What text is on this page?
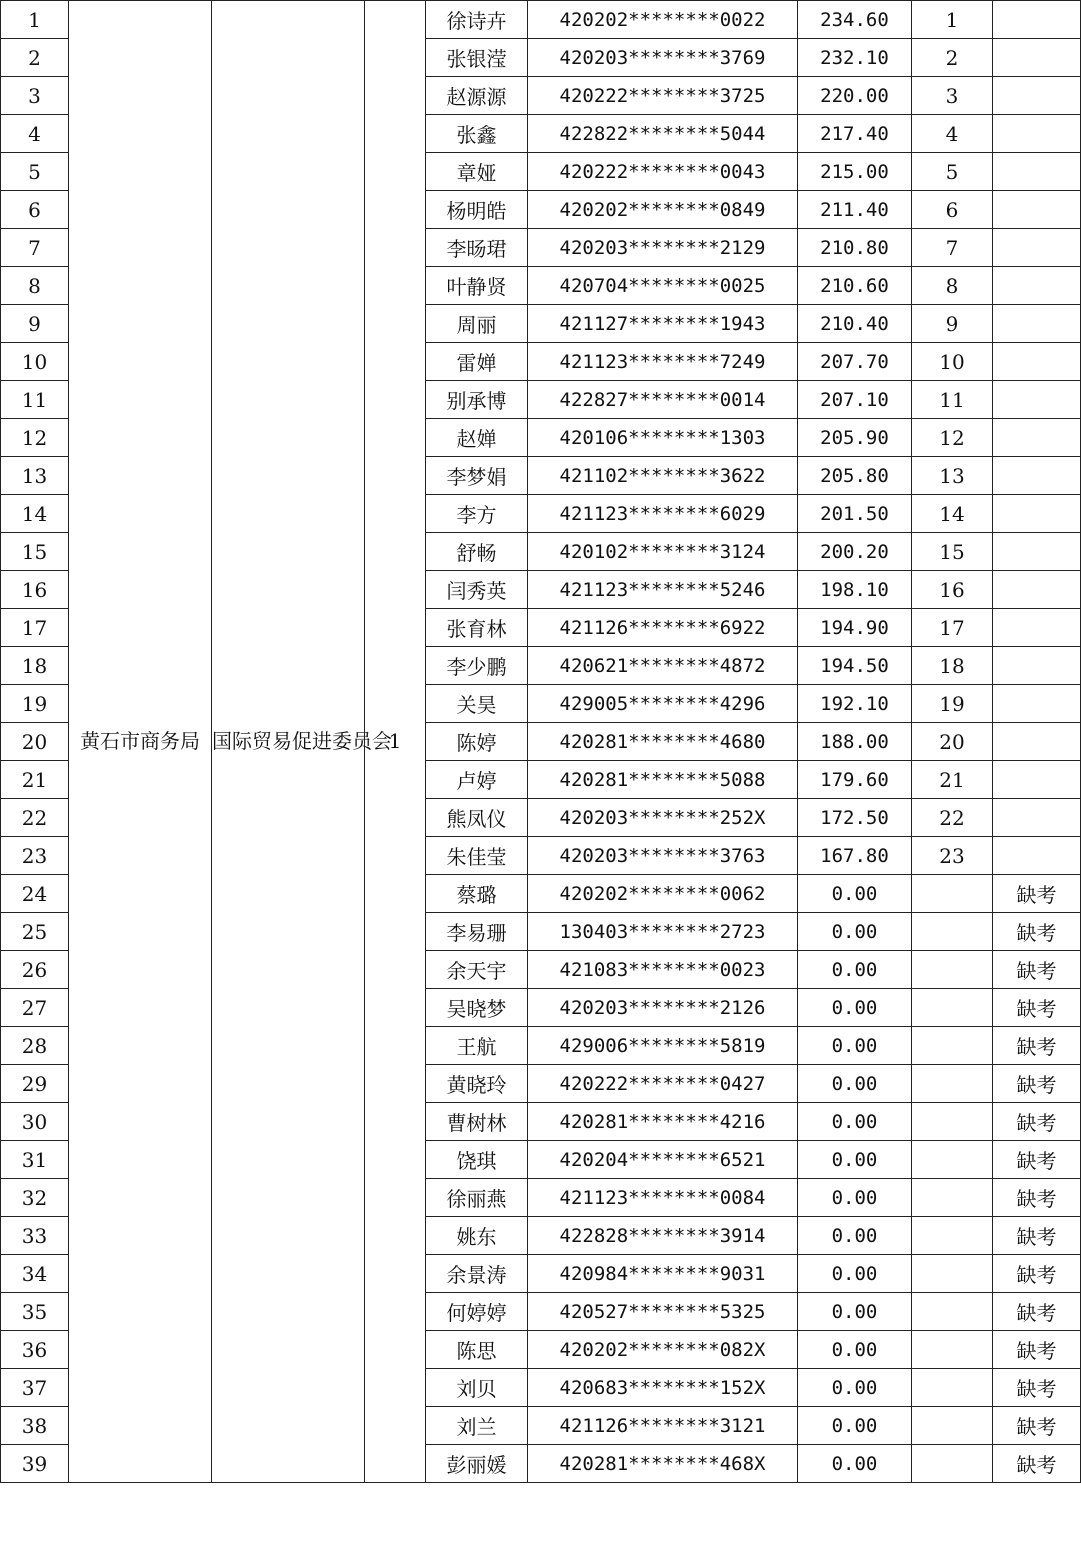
1	黄石市商务局	国际贸易促进委员会	1	徐诗卉	420202********0022	234.60	1	
2				张银滢	420203********3769	232.10	2	
3				赵源源	420222********3725	220.00	3	
4				张鑫	422822********5044	217.40	4	
5				章娅	420222********0043	215.00	5	
6				杨明皓	420202********0849	211.40	6	
7				李旸珺	420203********2129	210.80	7	
8				叶静贤	420704********0025	210.60	8	
9				周丽	421127********1943	210.40	9	
10				雷婵	421123********7249	207.70	10	
11				别承博	422827********0014	207.10	11	
12				赵婵	420106********1303	205.90	12	
13				李梦娟	421102********3622	205.80	13	
14				李方	421123********6029	201.50	14	
15				舒畅	420102********3124	200.20	15	
16				闫秀英	421123********5246	198.10	16	
17				张育林	421126********6922	194.90	17	
18				李少鹏	420621********4872	194.50	18	
19				关昊	429005********4296	192.10	19	
20				陈婷	420281********4680	188.00	20	
21				卢婷	420281********5088	179.60	21	
22				熊凤仪	420203********252X	172.50	22	
23				朱佳莹	420203********3763	167.80	23	
24				蔡璐	420202********0062	0.00		缺考
25				李易珊	130403********2723	0.00		缺考
26				余天宇	421083********0023	0.00		缺考
27				吴晓梦	420203********2126	0.00		缺考
28				王航	429006********5819	0.00		缺考
29				黄晓玲	420222********0427	0.00		缺考
30				曹树林	420281********4216	0.00		缺考
31				饶琪	420204********6521	0.00		缺考
32				徐丽燕	421123********0084	0.00		缺考
33				姚东	422828********3914	0.00		缺考
34				余景涛	420984********9031	0.00		缺考
35				何婷婷	420527********5325	0.00		缺考
36				陈思	420202********082X	0.00		缺考
37				刘贝	420683********152X	0.00		缺考
38				刘兰	421126********3121	0.00		缺考
39				彭丽媛	420281********468X	0.00		缺考
